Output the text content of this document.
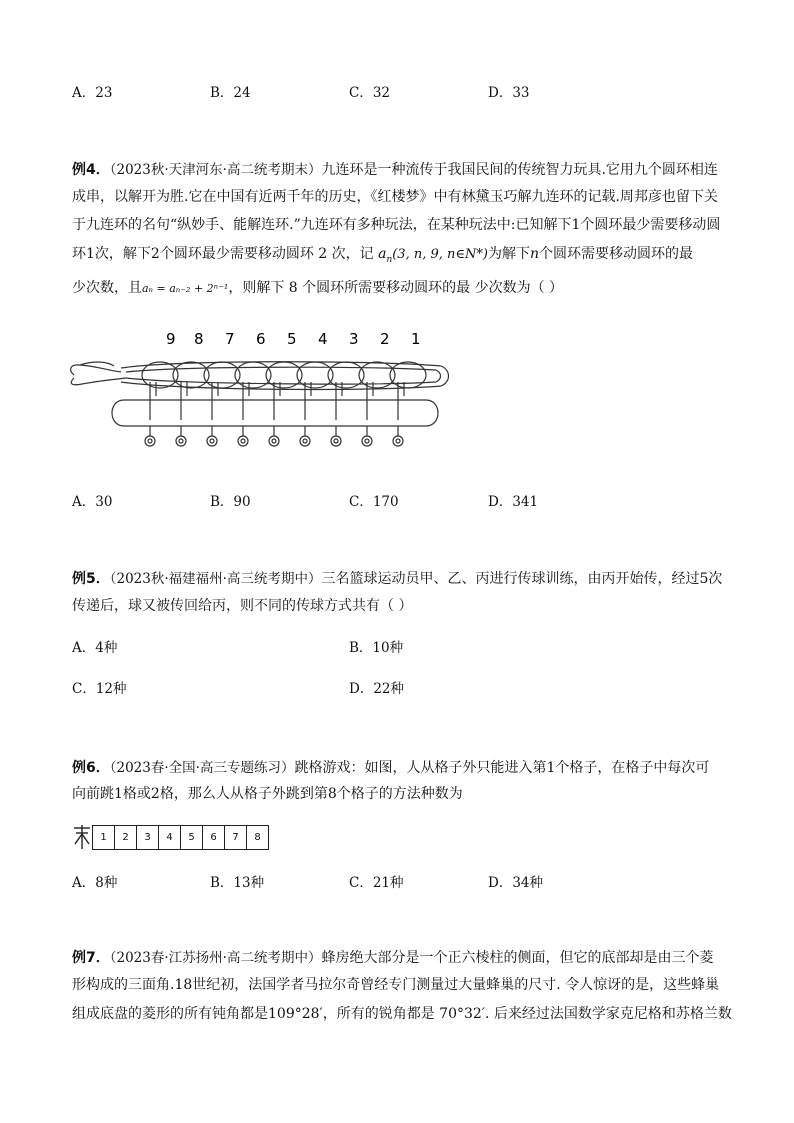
A．23	B．24	C．32	D．33
例4．（2023秋·天津河东·高二统考期末）九连环是一种流传于我国民间的传统智力玩具.它用九个圆环相连
成串，以解开为胜.它在中国有近两千年的历史，《红楼梦》中有林黛玉巧解九连环的记载.周邦彦也留下关
于九连环的名句“纵妙手、能解连环.”九连环有多种玩法，在某种玩法中:已知解下1个圆环最少需要移动圆
环1次，解下2个圆环最少需要移动圆环 2 次，记 $a_n(3$, n, 9, n∈N*)为解下n个圆环需要移动圆环的最
少次数，且aₙ = aₙ₋₂ + 2ⁿ⁻¹，则解下 8 个圆环所需要移动圆环的最 少次数为（ ）
9 8 7 6 5 4 3 2 1
A．30	B．90	C．170	D．341
例5．（2023秋·福建福州·高三统考期中）三名篮球运动员甲、乙、丙进行传球训练，由丙开始传，经过5次
传递后，球又被传回给丙，则不同的传球方式共有（ ）
A．4种	B．10种
C．12种	D．22种
例6．（2023春·全国·高三专题练习）跳格游戏：如图，人从格子外只能进入第1个格子，在格子中每次可
向前跳1格或2格，那么人从格子外跳到第8个格子的方法种数为
1	2	3	4	5	6	7	8
A．8种	B．13种	C．21种	D．34种
例7．（2023春·江苏扬州·高二统考期中）蜂房绝大部分是一个正六棱柱的侧面，但它的底部却是由三个菱
形构成的三面角.18世纪初，法国学者马拉尔奇曾经专门测量过大量蜂巢的尺寸. 令人惊讶的是，这些蜂巢
组成底盘的菱形的所有钝角都是109°28′，所有的锐角都是 70°32′. 后来经过法国数学家克尼格和苏格兰数
